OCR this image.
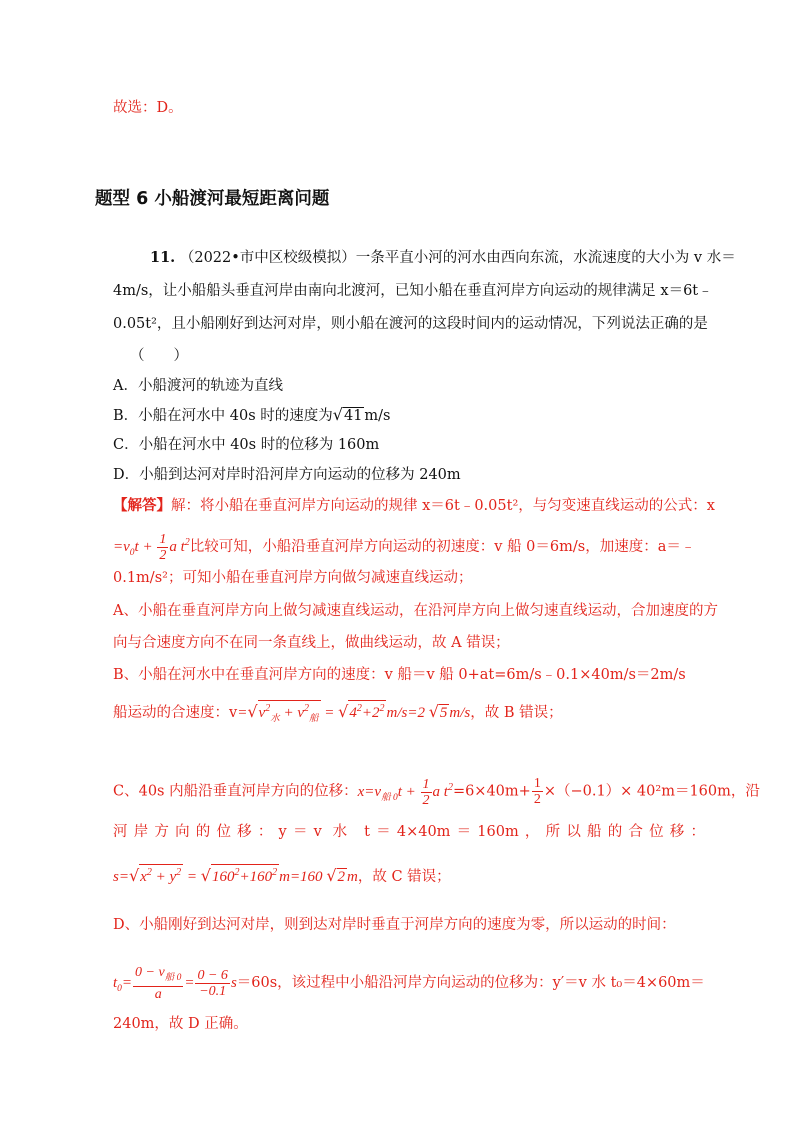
故选：D。
题型 6 小船渡河最短距离问题
11. （2022•市中区校级模拟）一条平直小河的河水由西向东流，水流速度的大小为 v 水＝
4m/s，让小船船头垂直河岸由南向北渡河，已知小船在垂直河岸方向运动的规律满足 x＝6t﹣
0.05t²，且小船刚好到达河对岸，则小船在渡河的这段时间内的运动情况，下列说法正确的是
（　　）
A．小船渡河的轨迹为直线
B．小船在河水中 40s 时的速度为√41 m/s
C．小船在河水中 40s 时的位移为 160m
D．小船到达河对岸时沿河岸方向运动的位移为 240m
【解答】解：将小船在垂直河岸方向运动的规律 x＝6t﹣0.05t²，与匀变速直线运动的公式：x
$=v_0t + \frac{1}{2}$ a $t^2$比较可知，小船沿垂直河岸方向运动的初速度：v 船 0＝6m/s，加速度：a＝﹣
0.1m/s²；可知小船在垂直河岸方向做匀减速直线运动；
A、小船在垂直河岸方向上做匀减速直线运动，在沿河岸方向上做匀速直线运动，合加速度的方
向与合速度方向不在同一条直线上，做曲线运动，故 A 错误；
B、小船在河水中在垂直河岸方向的速度：v 船＝v 船 0+at=6m/s﹣0.1×40m/s＝2m/s
船运动的合速度：$v=√v^2_水 + v^2_船 = √4^2+2^2$ m/s=2 √5 m/s，故 B 错误；
C、40s 内船沿垂直河岸方向的位移：$x=v_{船 0}t + \frac{1}{2}$ a $t^2=6\times 40m+ \frac{1}{2} \times(-0.1)\times 40^2m=160m$，沿
河岸方向的位移：y＝v 水 t＝4×40m＝160m，所以船的合位移：
$s=√x^2 + y^2 = √160^2+160^2$ m=160 √2 m，故 C 错误；
D、小船刚好到达河对岸，则到达对岸时垂直于河岸方向的速度为零，所以运动的时间：
$t_0= \frac{0 - v_{船 0}}{a} = \frac{0 - 6}{-0.1} s=60s$，该过程中小船沿河岸方向运动的位移为：y′＝v 水 t₀＝4×60m＝
240m，故 D 正确。
